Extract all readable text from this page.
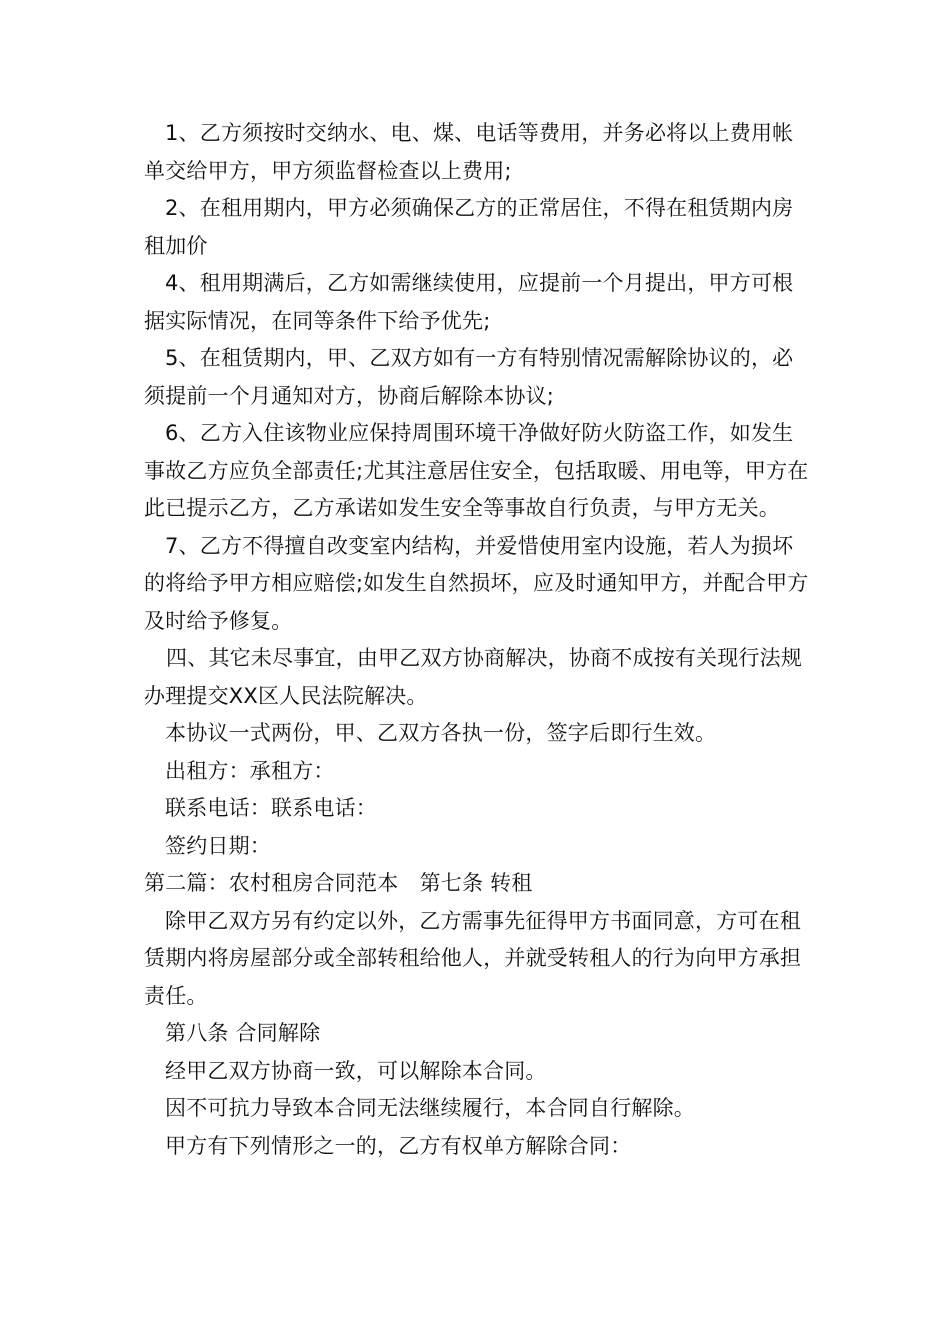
1、乙方须按时交纳水、电、煤、电话等费用，并务必将以上费用帐单交给甲方，甲方须监督检查以上费用;

2、在租用期内，甲方必须确保乙方的正常居住，不得在租赁期内房租加价

4、租用期满后，乙方如需继续使用，应提前一个月提出，甲方可根据实际情况，在同等条件下给予优先;

5、在租赁期内，甲、乙双方如有一方有特别情况需解除协议的，必须提前一个月通知对方，协商后解除本协议;

6、乙方入住该物业应保持周围环境干净做好防火防盗工作，如发生事故乙方应负全部责任;尤其注意居住安全，包括取暖、用电等，甲方在此已提示乙方，乙方承诺如发生安全等事故自行负责，与甲方无关。

7、乙方不得擅自改变室内结构，并爱惜使用室内设施，若人为损坏的将给予甲方相应赔偿;如发生自然损坏，应及时通知甲方，并配合甲方及时给予修复。

四、其它未尽事宜，由甲乙双方协商解决，协商不成按有关现行法规办理提交XX区人民法院解决。

本协议一式两份，甲、乙双方各执一份，签字后即行生效。

出租方：承租方：

联系电话：联系电话：

签约日期：

第二篇：农村租房合同范本　第七条 转租

除甲乙双方另有约定以外，乙方需事先征得甲方书面同意，方可在租赁期内将房屋部分或全部转租给他人，并就受转租人的行为向甲方承担责任。

第八条 合同解除

经甲乙双方协商一致，可以解除本合同。

因不可抗力导致本合同无法继续履行，本合同自行解除。

甲方有下列情形之一的，乙方有权单方解除合同：
